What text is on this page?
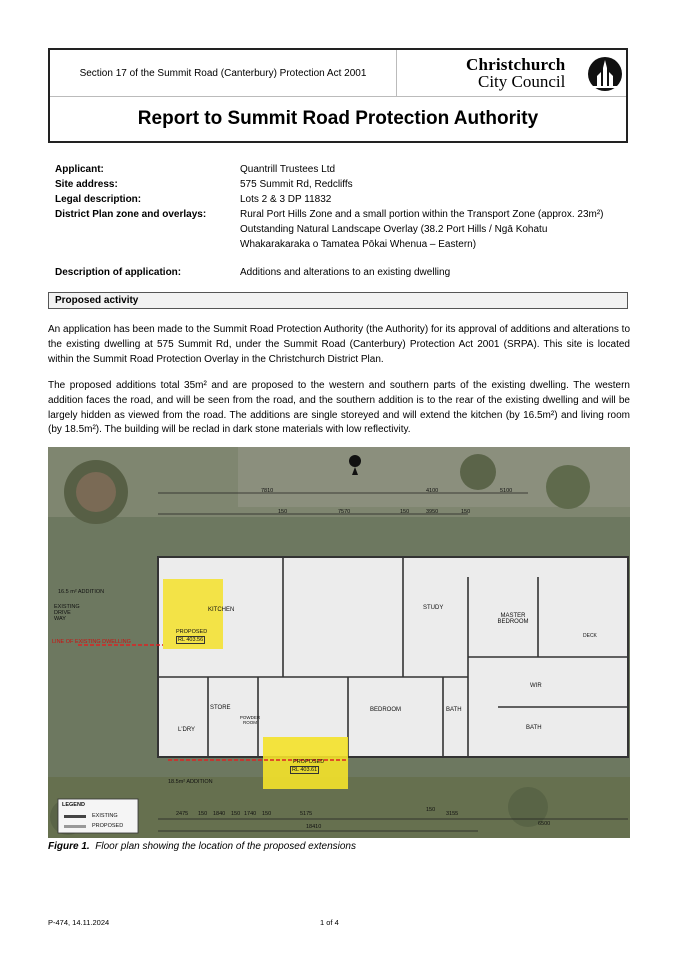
Section 17 of the Summit Road (Canterbury) Protection Act 2001	Christchurch
City Council
Report to Summit Road Protection Authority
Applicant:	Quantrill Trustees Ltd
Site address:	575 Summit Rd, Redcliffs
Legal description:	Lots 2 & 3 DP 11832
District Plan zone and overlays:	Rural Port Hills Zone and a small portion within the Transport Zone (approx. 23m²)
Outstanding Natural Landscape Overlay (38.2 Port Hills / Ngā Kohatu
Whakarakaraka o Tamatea Pōkai Whenua – Eastern)
Description of application:	Additions and alterations to an existing dwelling
Proposed activity
An application has been made to the Summit Road Protection Authority (the Authority) for its approval of additions and alterations to the existing dwelling at 575 Summit Rd, under the Summit Road (Canterbury) Protection Act 2001 (SRPA). This site is located within the Summit Road Protection Overlay in the Christchurch District Plan.
The proposed additions total 35m² and are proposed to the western and southern parts of the existing dwelling. The western addition faces the road, and will be seen from the road, and the southern addition is to the rear of the existing dwelling and will be largely hidden as viewed from the road. The additions are single storeyed and will extend the kitchen (by 16.5m²) and living room (by 18.5m²). The building will be reclad in dark stone materials with low reflectivity.
7810	4100	5100
150	7570	150	3950	150
KITCHEN	STUDY
MASTER BEDROOM
WIR
BEDROOM	BATH
BATH
STORE
L'DRY
POWDER ROOM
DECK
PROPOSED
RL 403.56
PROPOSED
RL 403.61
16.5 m² ADDITION
18.5m² ADDITION
LINE OF EXISTING DWELLING
EXISTING DRIVE WAY
LEGEND
EXISTING
PROPOSED
2475 150 1840 150 1740 150	5175
150
3155
6500
18410
Figure 1. Floor plan showing the location of the proposed extensions
P-474, 14.11.2024	1 of 4
